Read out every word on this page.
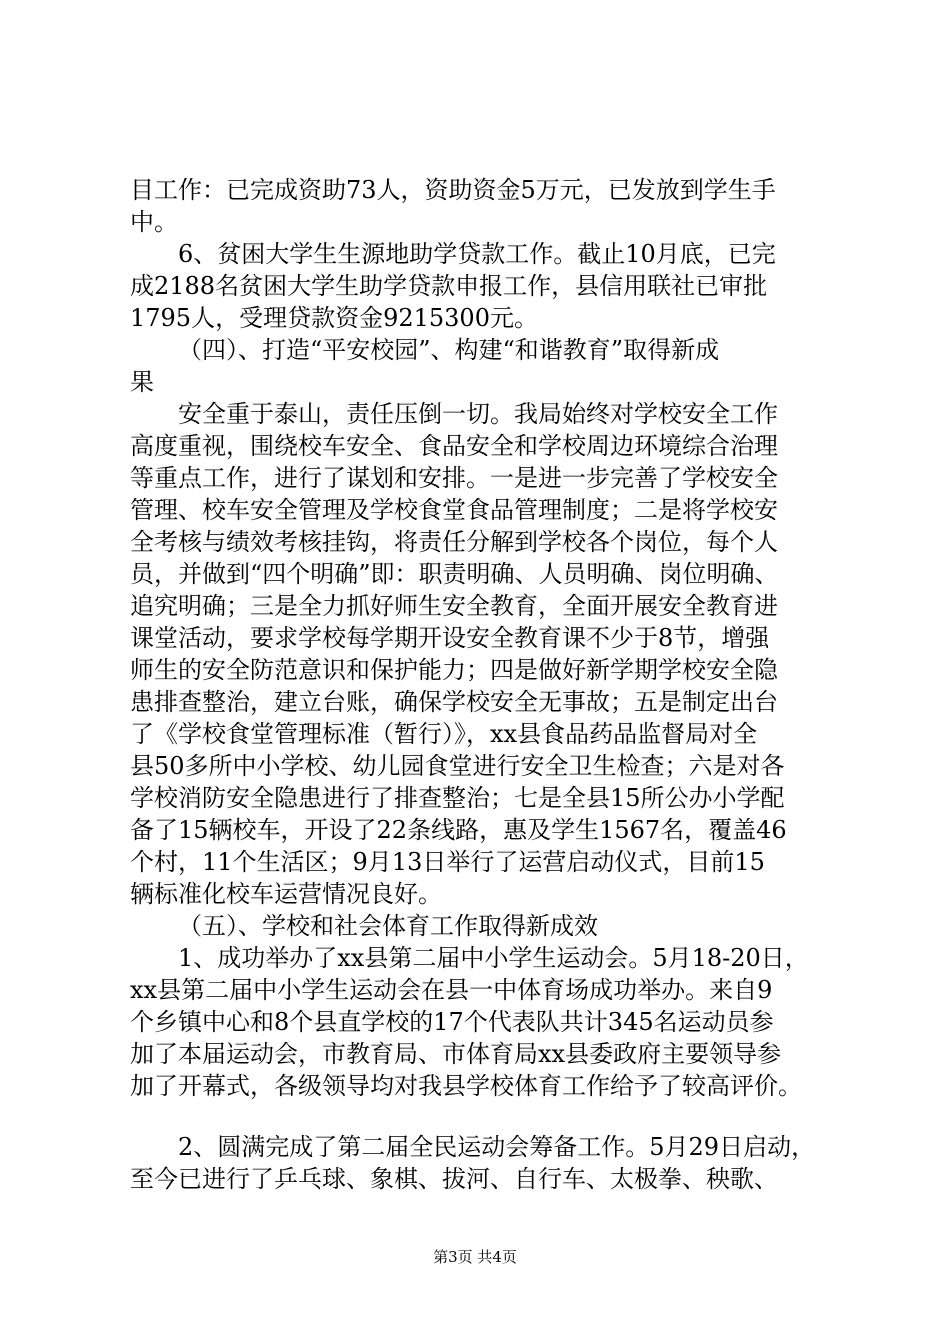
目工作：已完成资助73人，资助资金5万元，已发放到学生手
中。
6、贫困大学生生源地助学贷款工作。截止10月底，已完
成2188名贫困大学生助学贷款申报工作，县信用联社已审批
1795人，受理贷款资金9215300元。
（四）、打造“平安校园”、构建“和谐教育”取得新成
果
安全重于泰山，责任压倒一切。我局始终对学校安全工作
高度重视，围绕校车安全、食品安全和学校周边环境综合治理
等重点工作，进行了谋划和安排。一是进一步完善了学校安全
管理、校车安全管理及学校食堂食品管理制度；二是将学校安
全考核与绩效考核挂钩，将责任分解到学校各个岗位，每个人
员，并做到“四个明确”即：职责明确、人员明确、岗位明确、
追究明确；三是全力抓好师生安全教育，全面开展安全教育进
课堂活动，要求学校每学期开设安全教育课不少于8节，增强
师生的安全防范意识和保护能力；四是做好新学期学校安全隐
患排查整治，建立台账，确保学校安全无事故；五是制定出台
了《学校食堂管理标准（暂行）》，xx县食品药品监督局对全
县50多所中小学校、幼儿园食堂进行安全卫生检查；六是对各
学校消防安全隐患进行了排查整治；七是全县15所公办小学配
备了15辆校车，开设了22条线路，惠及学生1567名，覆盖46
个村，11个生活区；9月13日举行了运营启动仪式，目前15
辆标准化校车运营情况良好。
（五）、学校和社会体育工作取得新成效
1、成功举办了xx县第二届中小学生运动会。5月18-20日，
xx县第二届中小学生运动会在县一中体育场成功举办。来自9
个乡镇中心和8个县直学校的17个代表队共计345名运动员参
加了本届运动会，市教育局、市体育局xx县委政府主要领导参
加了开幕式，各级领导均对我县学校体育工作给予了较高评价。
2、圆满完成了第二届全民运动会筹备工作。5月29日启动，
至今已进行了乒乓球、象棋、拔河、自行车、太极拳、秧歌、
第3页 共4页
